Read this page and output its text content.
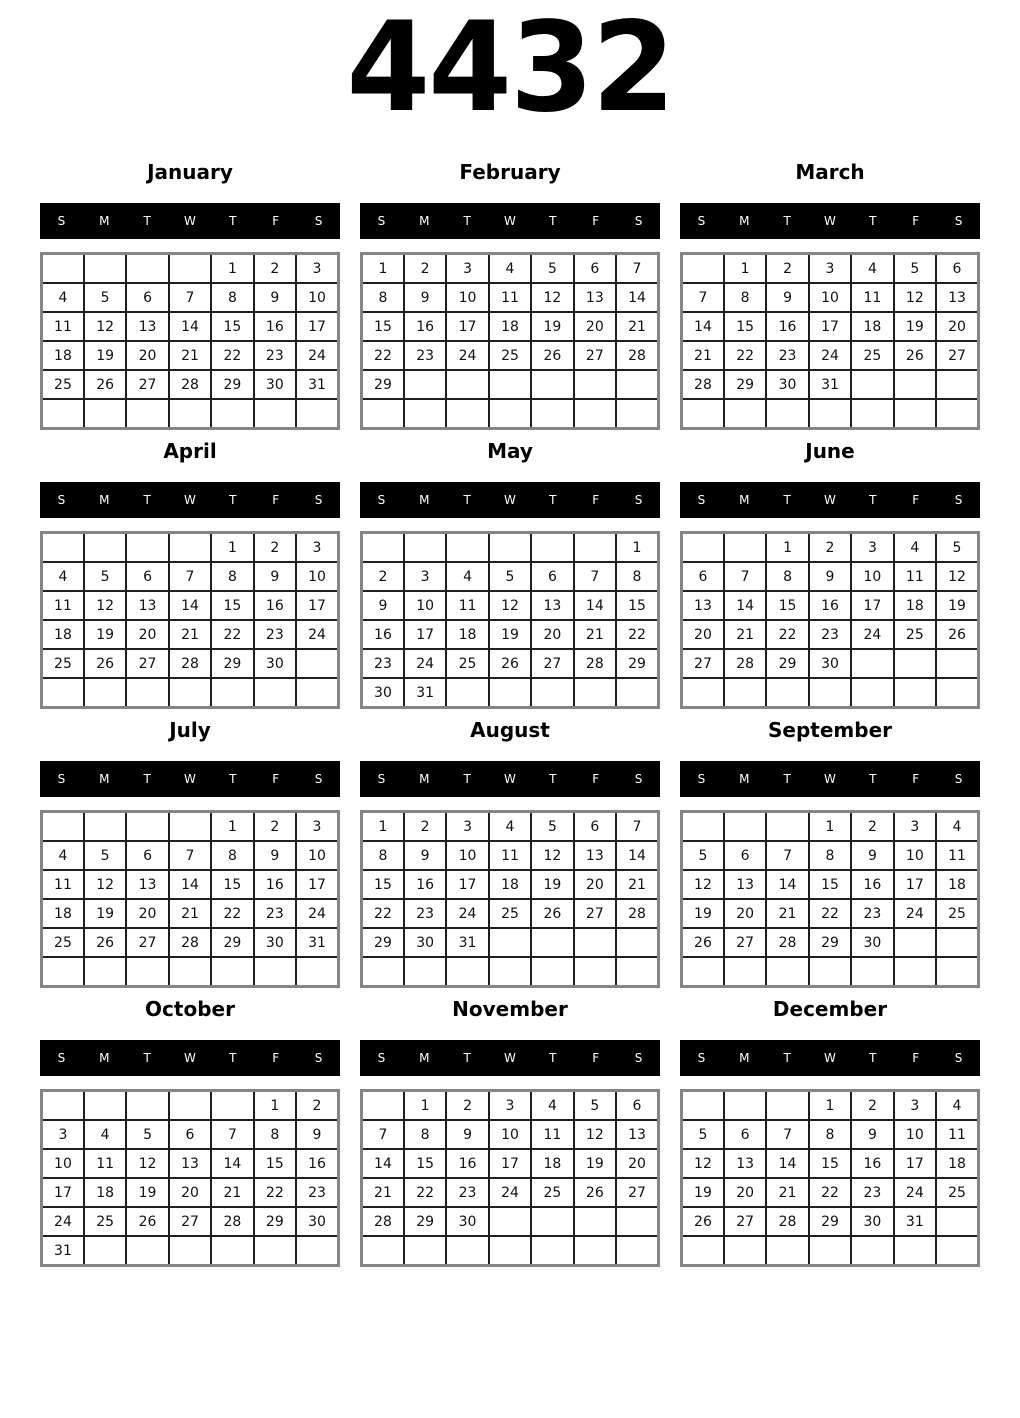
4432
January
S	M	T	W	T	F	S
				1	2	3
4	5	6	7	8	9	10
11	12	13	14	15	16	17
18	19	20	21	22	23	24
25	26	27	28	29	30	31

February
S	M	T	W	T	F	S
1	2	3	4	5	6	7
8	9	10	11	12	13	14
15	16	17	18	19	20	21
22	23	24	25	26	27	28
29						

March
S	M	T	W	T	F	S
	1	2	3	4	5	6
7	8	9	10	11	12	13
14	15	16	17	18	19	20
21	22	23	24	25	26	27
28	29	30	31			

April
S	M	T	W	T	F	S
				1	2	3
4	5	6	7	8	9	10
11	12	13	14	15	16	17
18	19	20	21	22	23	24
25	26	27	28	29	30	

May
S	M	T	W	T	F	S
						1
2	3	4	5	6	7	8
9	10	11	12	13	14	15
16	17	18	19	20	21	22
23	24	25	26	27	28	29
30	31					
June
S	M	T	W	T	F	S
		1	2	3	4	5
6	7	8	9	10	11	12
13	14	15	16	17	18	19
20	21	22	23	24	25	26
27	28	29	30			

July
S	M	T	W	T	F	S
				1	2	3
4	5	6	7	8	9	10
11	12	13	14	15	16	17
18	19	20	21	22	23	24
25	26	27	28	29	30	31

August
S	M	T	W	T	F	S
1	2	3	4	5	6	7
8	9	10	11	12	13	14
15	16	17	18	19	20	21
22	23	24	25	26	27	28
29	30	31				

September
S	M	T	W	T	F	S
			1	2	3	4
5	6	7	8	9	10	11
12	13	14	15	16	17	18
19	20	21	22	23	24	25
26	27	28	29	30		

October
S	M	T	W	T	F	S
					1	2
3	4	5	6	7	8	9
10	11	12	13	14	15	16
17	18	19	20	21	22	23
24	25	26	27	28	29	30
31						
November
S	M	T	W	T	F	S
	1	2	3	4	5	6
7	8	9	10	11	12	13
14	15	16	17	18	19	20
21	22	23	24	25	26	27
28	29	30				

December
S	M	T	W	T	F	S
			1	2	3	4
5	6	7	8	9	10	11
12	13	14	15	16	17	18
19	20	21	22	23	24	25
26	27	28	29	30	31	
